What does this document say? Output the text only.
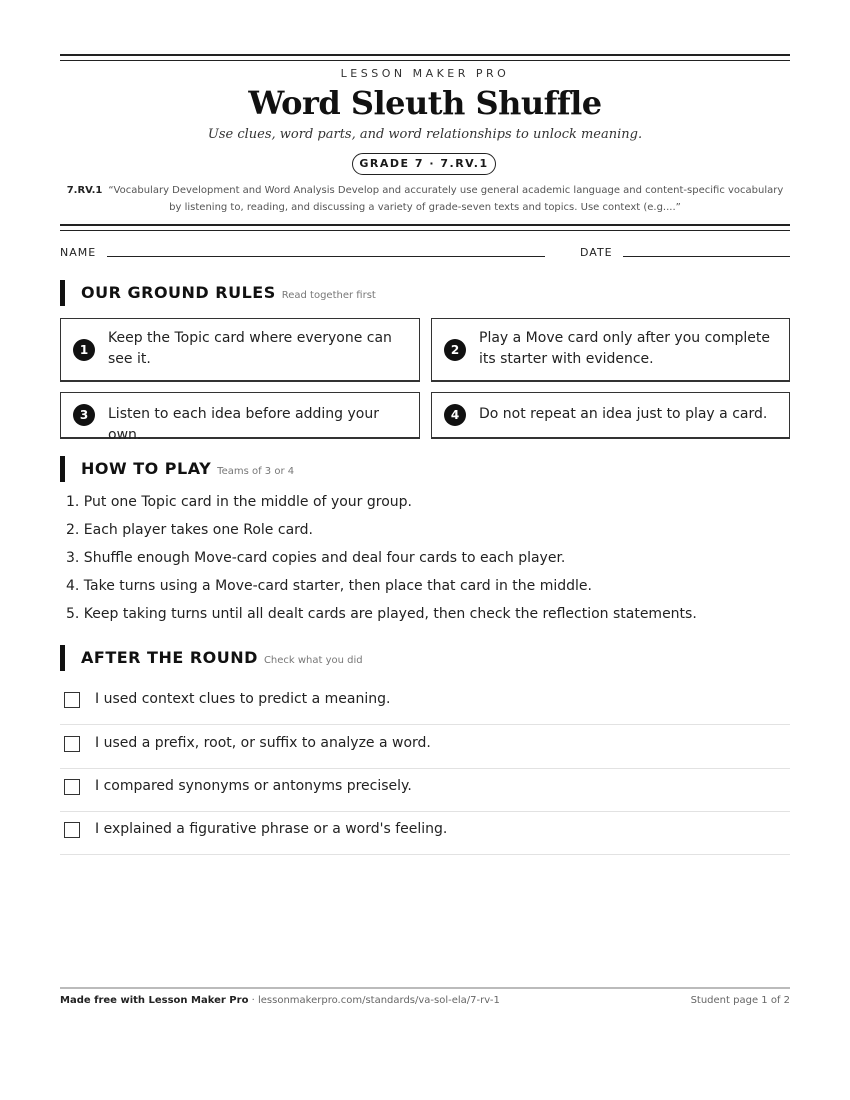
LESSON MAKER PRO
Word Sleuth Shuffle
Use clues, word parts, and word relationships to unlock meaning.
GRADE 7 · 7.RV.1
7.RV.1 “Vocabulary Development and Word Analysis Develop and accurately use general academic language and content-specific vocabulary by listening to, reading, and discussing a variety of grade-seven texts and topics. Use context (e.g....”
NAME	DATE
OUR GROUND RULES Read together first
1
Keep the Topic card where everyone can see it.
2
Play a Move card only after you complete its starter with evidence.
3	Listen to each idea before adding your own.
4	Do not repeat an idea just to play a card.
HOW TO PLAY Teams of 3 or 4
1. Put one Topic card in the middle of your group.
2. Each player takes one Role card.
3. Shuffle enough Move-card copies and deal four cards to each player.
4. Take turns using a Move-card starter, then place that card in the middle.
5. Keep taking turns until all dealt cards are played, then check the reflection statements.
AFTER THE ROUND Check what you did
I used context clues to predict a meaning.
I used a prefix, root, or suffix to analyze a word.
I compared synonyms or antonyms precisely.
I explained a figurative phrase or a word's feeling.
Made free with Lesson Maker Pro · lessonmakerpro.com/standards/va-sol-ela/7-rv-1	Student page 1 of 2
